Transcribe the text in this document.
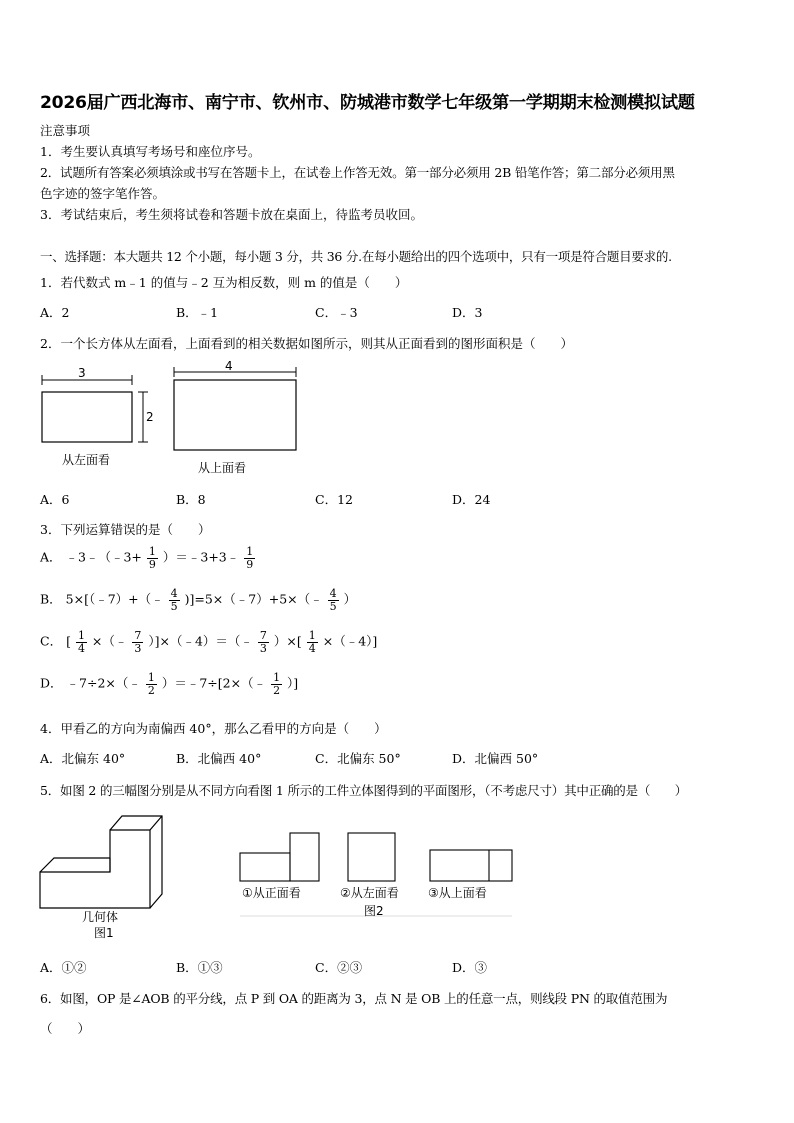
2026届广西北海市、南宁市、钦州市、防城港市数学七年级第一学期期末检测模拟试题
注意事项
1．考生要认真填写考场号和座位序号。
2．试题所有答案必须填涂或书写在答题卡上，在试卷上作答无效。第一部分必须用 2B 铅笔作答；第二部分必须用黑
色字迹的签字笔作答。
3．考试结束后，考生须将试卷和答题卡放在桌面上，待监考员收回。
一、选择题：本大题共 12 个小题，每小题 3 分，共 36 分.在每小题给出的四个选项中，只有一项是符合题目要求的.
1．若代数式 m﹣1 的值与﹣2 互为相反数，则 m 的值是（　　）
A．2	B．﹣1	C．﹣3	D．3
2．一个长方体从左面看，上面看到的相关数据如图所示，则其从正面看到的图形面积是（　　）
3
2
从左面看
4
从上面看
A．6	B．8	C．12	D．24
3．下列运算错误的是（　　）
A． ﹣3﹣（﹣3+ $\frac{1}{9}$ ）＝﹣3+3﹣ $\frac{1}{9}$
B． 5×[（﹣7）+（﹣ $\frac{4}{5}$ )]=5×（﹣7）+5×（﹣ $\frac{4}{5}$ ）
C． [ $\frac{1}{4}$ ×（﹣ $\frac{7}{3}$ ）]×（﹣4）＝（﹣ $\frac{7}{3}$ ）×[ $\frac{1}{4}$ ×（﹣4）]
D． ﹣7÷2×（﹣ $\frac{1}{2}$ ）＝﹣7÷[2×（﹣ $\frac{1}{2}$ ）]
4．甲看乙的方向为南偏西 40°，那么乙看甲的方向是（　　）
A．北偏东 40°	B．北偏西 40°	C．北偏东 50°	D．北偏西 50°
5．如图 2 的三幅图分别是从不同方向看图 1 所示的工件立体图得到的平面图形，（不考虑尺寸）其中正确的是（　　）
几何体
图1
①从正面看	②从左面看 ③从上面看
图2
A．①②	B．①③	C．②③	D．③
6．如图，OP 是∠AOB 的平分线，点 P 到 OA 的距离为 3，点 N 是 OB 上的任意一点，则线段 PN 的取值范围为
（　　）
